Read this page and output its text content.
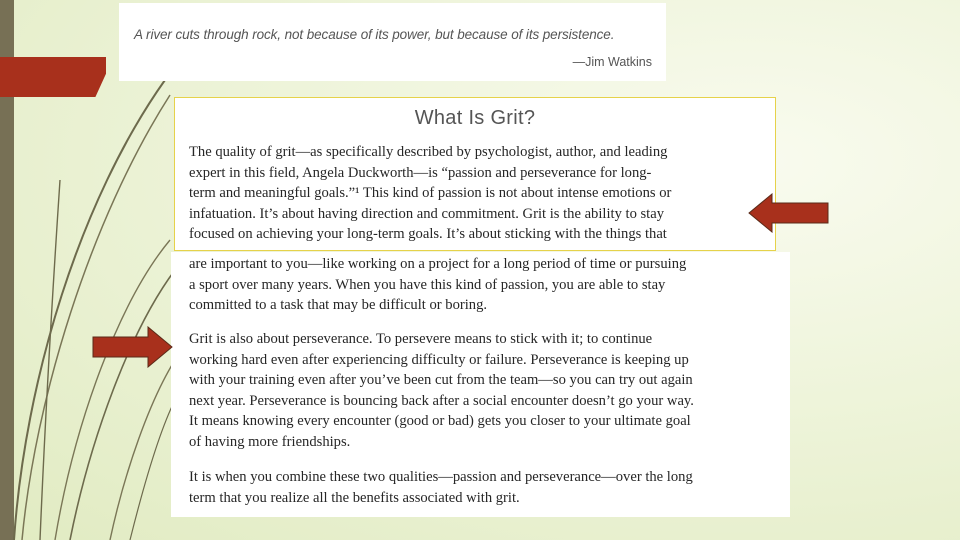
A river cuts through rock, not because of its power, but because of its persistence.
—Jim Watkins
What Is Grit?
The quality of grit—as specifically described by psychologist, author, and leading
expert in this field, Angela Duckworth—is “passion and perseverance for long-
term and meaningful goals.”¹ This kind of passion is not about intense emotions or
infatuation. It’s about having direction and commitment. Grit is the ability to stay
focused on achieving your long-term goals. It’s about sticking with the things that
are important to you—like working on a project for a long period of time or pursuing
a sport over many years. When you have this kind of passion, you are able to stay
committed to a task that may be difficult or boring.
Grit is also about perseverance. To persevere means to stick with it; to continue
working hard even after experiencing difficulty or failure. Perseverance is keeping up
with your training even after you’ve been cut from the team—so you can try out again
next year. Perseverance is bouncing back after a social encounter doesn’t go your way.
It means knowing every encounter (good or bad) gets you closer to your ultimate goal
of having more friendships.
It is when you combine these two qualities—passion and perseverance—over the long
term that you realize all the benefits associated with grit.
